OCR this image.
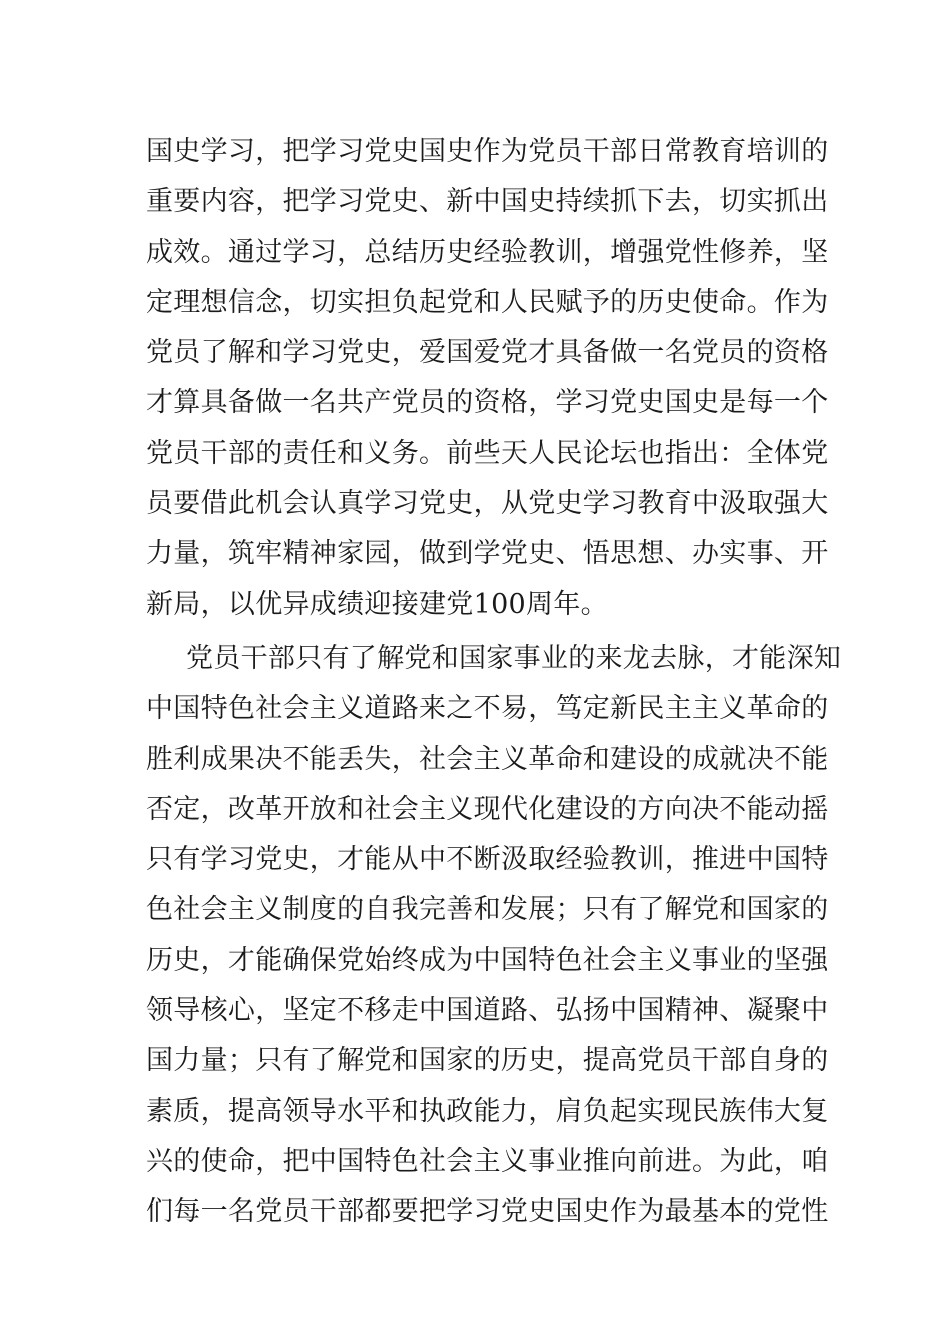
国史学习，把学习党史国史作为党员干部日常教育培训的
重要内容，把学习党史、新中国史持续抓下去，切实抓出
成效。通过学习，总结历史经验教训，增强党性修养，坚
定理想信念，切实担负起党和人民赋予的历史使命。作为
党员了解和学习党史，爱国爱党才具备做一名党员的资格
才算具备做一名共产党员的资格，学习党史国史是每一个
党员干部的责任和义务。前些天人民论坛也指出：全体党
员要借此机会认真学习党史，从党史学习教育中汲取强大
力量，筑牢精神家园，做到学党史、悟思想、办实事、开
新局，以优异成绩迎接建党100周年。
党员干部只有了解党和国家事业的来龙去脉，才能深知
中国特色社会主义道路来之不易，笃定新民主主义革命的
胜利成果决不能丢失，社会主义革命和建设的成就决不能
否定，改革开放和社会主义现代化建设的方向决不能动摇
只有学习党史，才能从中不断汲取经验教训，推进中国特
色社会主义制度的自我完善和发展；只有了解党和国家的
历史，才能确保党始终成为中国特色社会主义事业的坚强
领导核心，坚定不移走中国道路、弘扬中国精神、凝聚中
国力量；只有了解党和国家的历史，提高党员干部自身的
素质，提高领导水平和执政能力，肩负起实现民族伟大复
兴的使命，把中国特色社会主义事业推向前进。为此，咱
们每一名党员干部都要把学习党史国史作为最基本的党性
